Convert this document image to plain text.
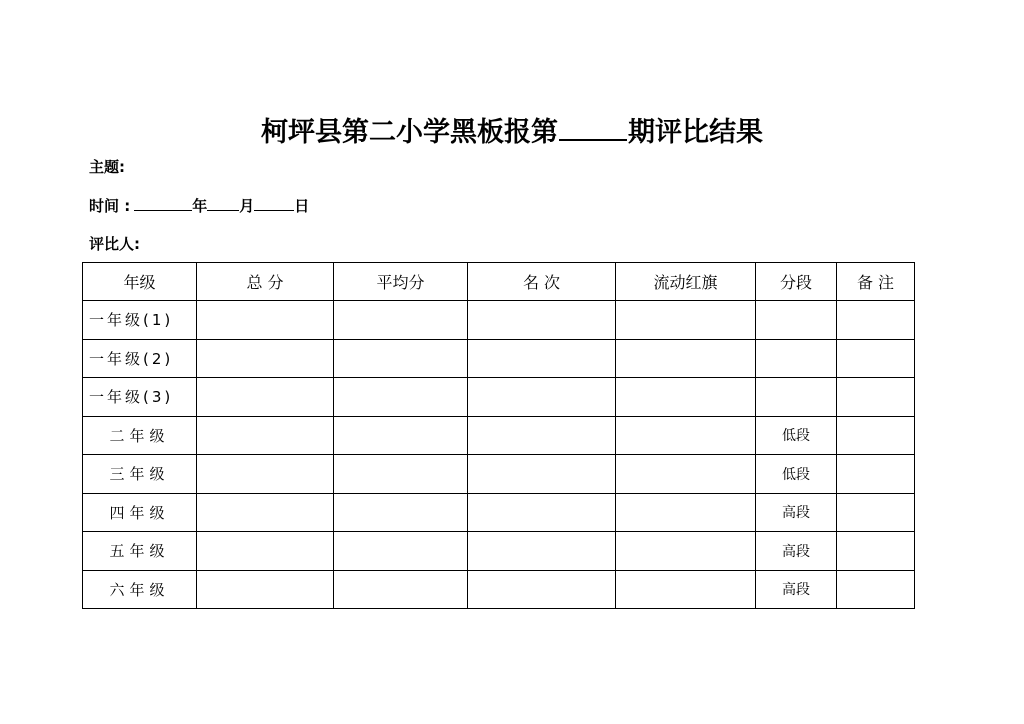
柯坪县第二小学黑板报第	期评比结果
主题:
时间 :	年 月	日
评比人:
年级	总 分	平均分	名 次	流动红旗	分段	备 注
一年级(1)						
一年级(2)						
一年级(3)						
二年级					低段	
三年级					低段	
四年级					高段	
五年级					高段	
六年级					高段	
